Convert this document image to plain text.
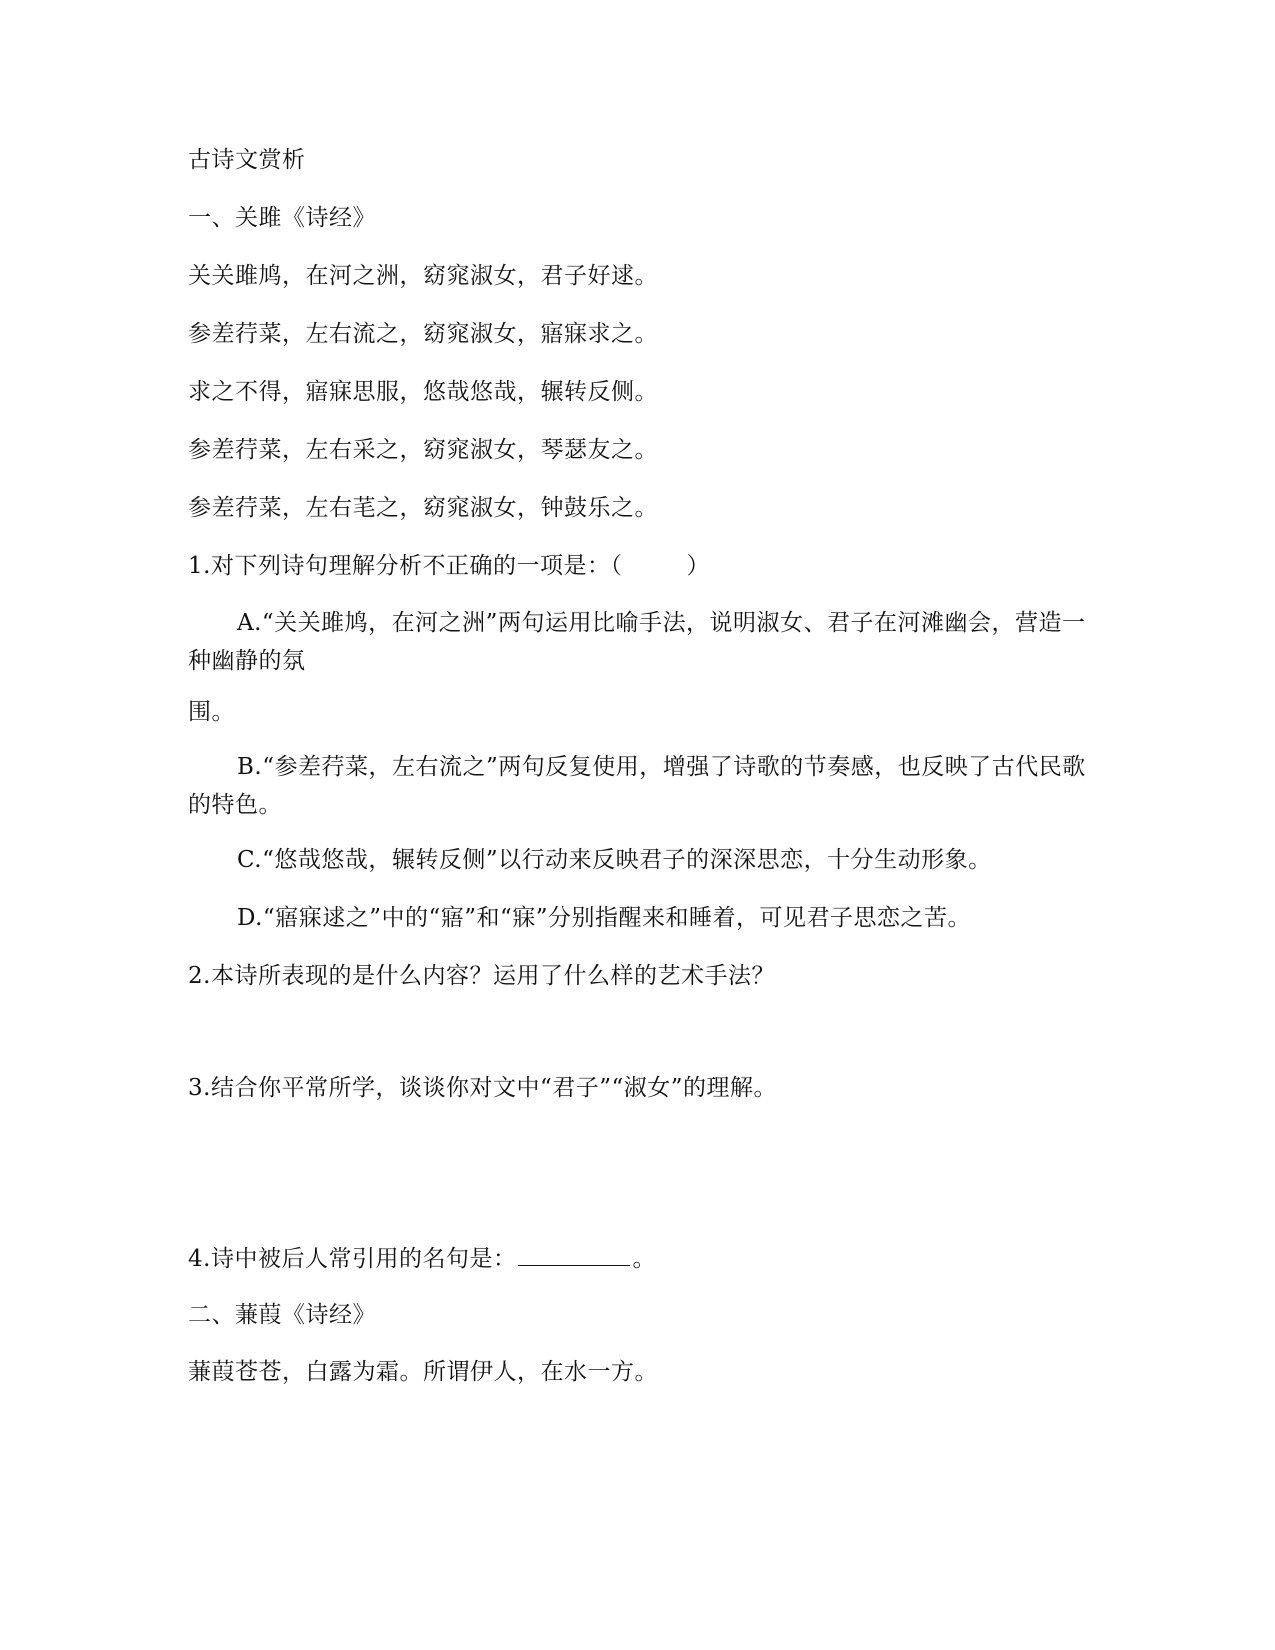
古诗文赏析
一、关雎《诗经》
关关雎鸠，在河之洲，窈窕淑女，君子好逑。
参差荇菜，左右流之，窈窕淑女，寤寐求之。
求之不得，寤寐思服，悠哉悠哉，辗转反侧。
参差荇菜，左右采之，窈窕淑女，琴瑟友之。
参差荇菜，左右芼之，窈窕淑女，钟鼓乐之。
1.对下列诗句理解分析不正确的一项是：（	）
A.“关关雎鸠，在河之洲”两句运用比喻手法，说明淑女、君子在河滩幽会，营造一种幽静的氛
围。
B.“参差荇菜，左右流之”两句反复使用，增强了诗歌的节奏感，也反映了古代民歌的特色。
C.“悠哉悠哉，辗转反侧”以行动来反映君子的深深思恋，十分生动形象。
D.“寤寐逑之”中的“寤”和“寐”分别指醒来和睡着，可见君子思恋之苦。
2.本诗所表现的是什么内容？运用了什么样的艺术手法？
3.结合你平常所学，谈谈你对文中“君子”“淑女”的理解。
4.诗中被后人常引用的名句是：	。
二、蒹葭《诗经》
蒹葭苍苍，白露为霜。所谓伊人，在水一方。
